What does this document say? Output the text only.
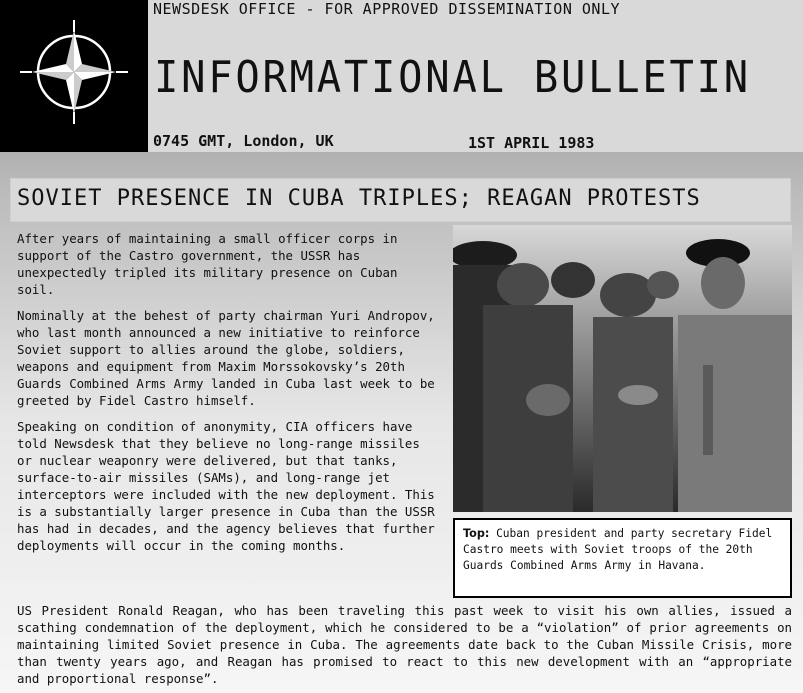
NEWSDESK OFFICE - FOR APPROVED DISSEMINATION ONLY
INFORMATIONAL BULLETIN
0745 GMT, London, UK	1ST APRIL 1983
SOVIET PRESENCE IN CUBA TRIPLES; REAGAN PROTESTS

After years of maintaining a small officer corps in support of the Castro government, the USSR has unexpectedly tripled its military presence on Cuban soil.

Nominally at the behest of party chairman Yuri Andropov, who last month announced a new initiative to reinforce Soviet support to allies around the globe, soldiers, weapons and equipment from Maxim Morssokovsky’s 20th Guards Combined Arms Army landed in Cuba last week to be greeted by Fidel Castro himself.

Speaking on condition of anonymity, CIA officers have told Newsdesk that they believe no long-range missiles or nuclear weaponry were delivered, but that tanks, surface-to-air missiles (SAMs), and long-range jet interceptors were included with the new deployment. This is a substantially larger presence in Cuba than the USSR has had in decades, and the agency believes that further deployments will occur in the coming months.

Top: Cuban president and party secretary Fidel Castro meets with Soviet troops of the 20th Guards Combined Arms Army in Havana.
US President Ronald Reagan, who has been traveling this past week to visit his own allies, issued a scathing condemnation of the deployment, which he considered to be a “violation” of prior agreements on maintaining limited Soviet presence in Cuba. The agreements date back to the Cuban Missile Crisis, more than twenty years ago, and Reagan has promised to react to this new development with an “appropriate and proportional response”.
